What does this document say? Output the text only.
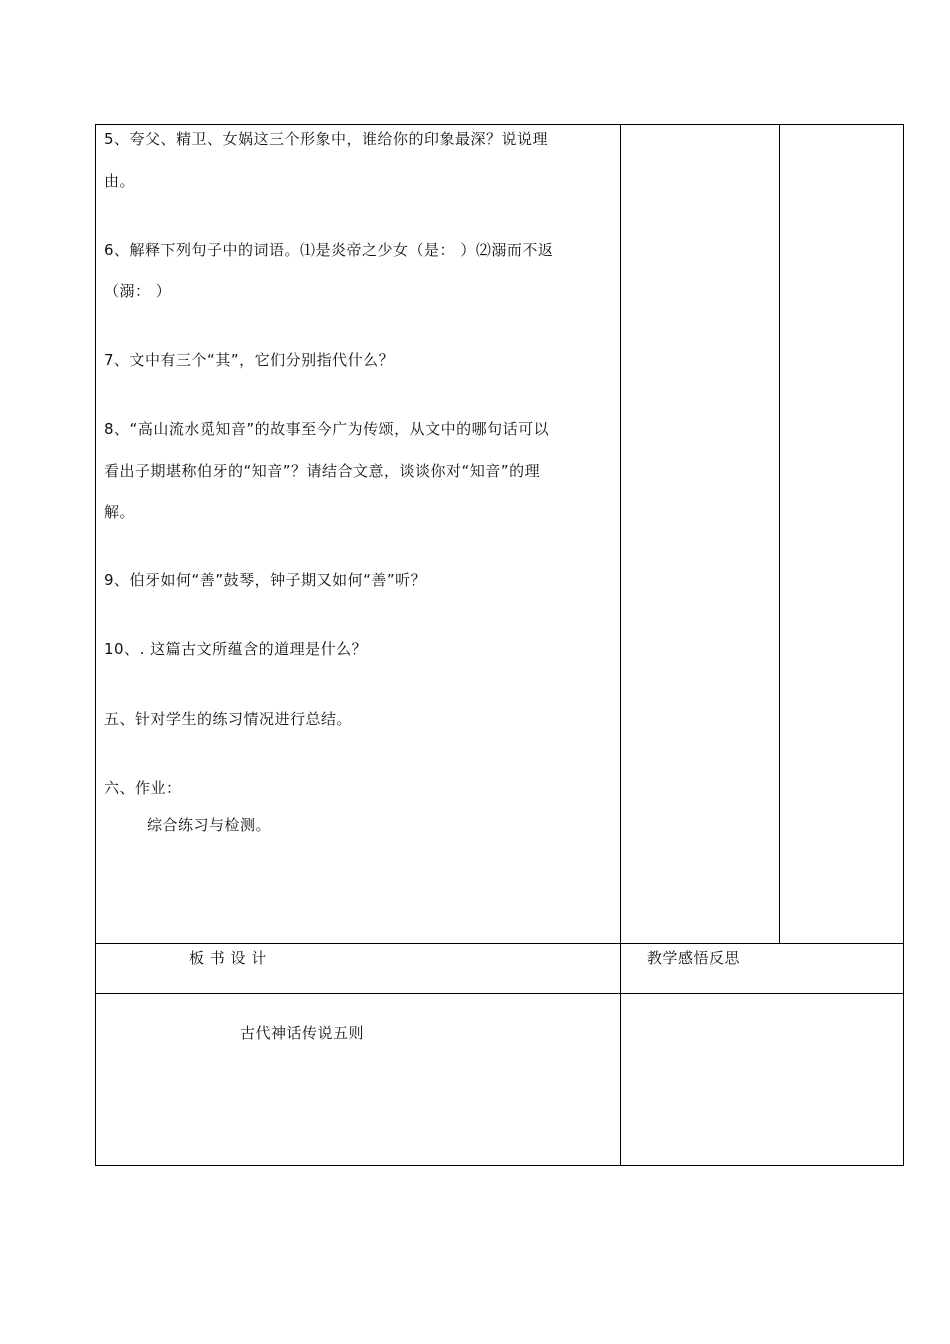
5、夸父、精卫、女娲这三个形象中，谁给你的印象最深？说说理
由。
6、解释下列句子中的词语。⑴是炎帝之少女（是： ）⑵溺而不返
（溺： ）
7、文中有三个“其”，它们分别指代什么？
8、“高山流水觅知音”的故事至今广为传颂，从文中的哪句话可以
看出子期堪称伯牙的“知音”？请结合文意，谈谈你对“知音”的理
解。
9、伯牙如何“善”鼓琴，钟子期又如何“善”听？
10、. 这篇古文所蕴含的道理是什么？
五、针对学生的练习情况进行总结。
六、作业：
综合练习与检测。
板 书 设 计	教学感悟反思
古代神话传说五则
